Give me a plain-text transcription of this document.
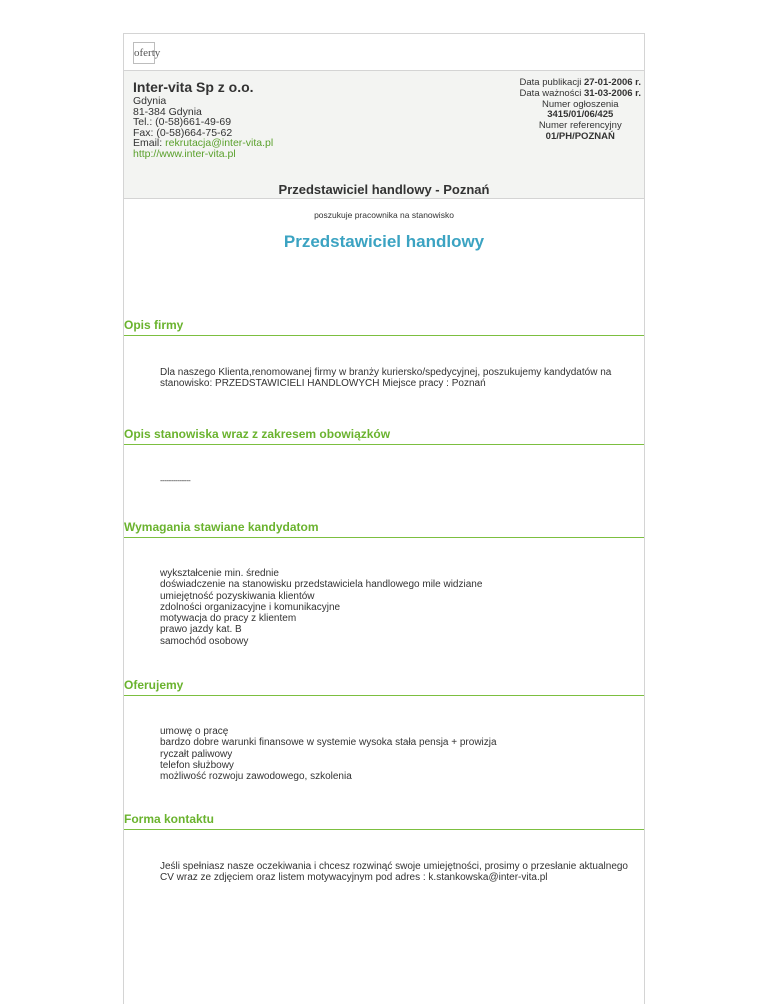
oferty
Inter-vita Sp z o.o.
Gdynia
81-384 Gdynia
Tel.: (0-58)661-49-69
Fax: (0-58)664-75-62
Email: rekrutacja@inter-vita.pl
http://www.inter-vita.pl
Data publikacji 27-01-2006 r.
Data ważności 31-03-2006 r.
Numer ogłoszenia
3415/01/06/425
Numer referencyjny
01/PH/POZNAŃ
Przedstawiciel handlowy - Poznań
poszukuje pracownika na stanowisko
Przedstawiciel handlowy
Opis firmy
Dla naszego Klienta,renomowanej firmy w branży kuriersko/spedycyjnej, poszukujemy kandydatów na stanowisko: PRZEDSTAWICIELI HANDLOWYCH Miejsce pracy : Poznań
Opis stanowiska wraz z zakresem obowiązków
--------------
Wymagania stawiane kandydatom
wykształcenie min. średnie
doświadczenie na stanowisku przedstawiciela handlowego mile widziane
umiejętność pozyskiwania klientów
zdolności organizacyjne i komunikacyjne
motywacja do pracy z klientem
prawo jazdy kat. B
samochód osobowy
Oferujemy
umowę o pracę
bardzo dobre warunki finansowe w systemie wysoka stała pensja + prowizja
ryczałt paliwowy
telefon służbowy
możliwość rozwoju zawodowego, szkolenia
Forma kontaktu
Jeśli spełniasz nasze oczekiwania i chcesz rozwinąć swoje umiejętności, prosimy o przesłanie aktualnego CV wraz ze zdjęciem oraz listem motywacyjnym pod adres : k.stankowska@inter-vita.pl
